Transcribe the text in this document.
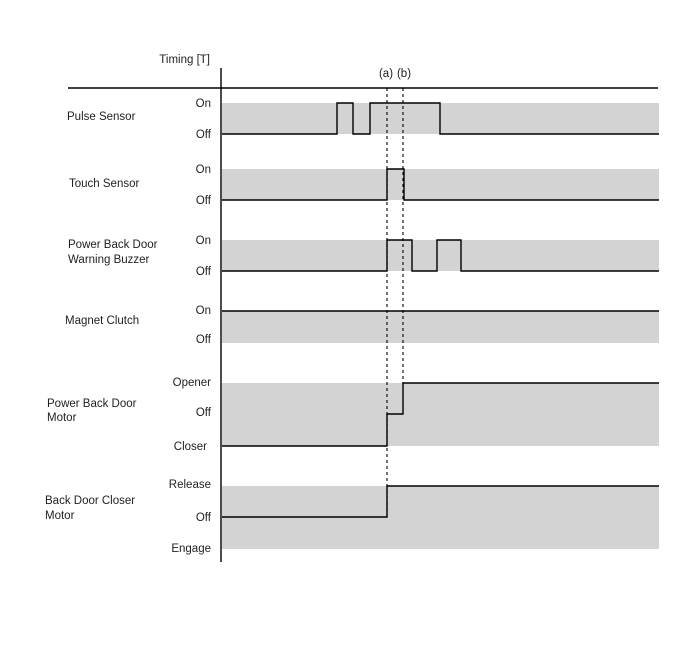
Timing [T]
(a) (b)
Pulse Sensor
Touch Sensor
Power Back Door
Warning Buzzer
Magnet Clutch
Power Back Door
Motor
Back Door Closer
Motor
On
Off
On
Off
On
Off
On
Off
Opener
Off
Closer
Release
Off
Engage
